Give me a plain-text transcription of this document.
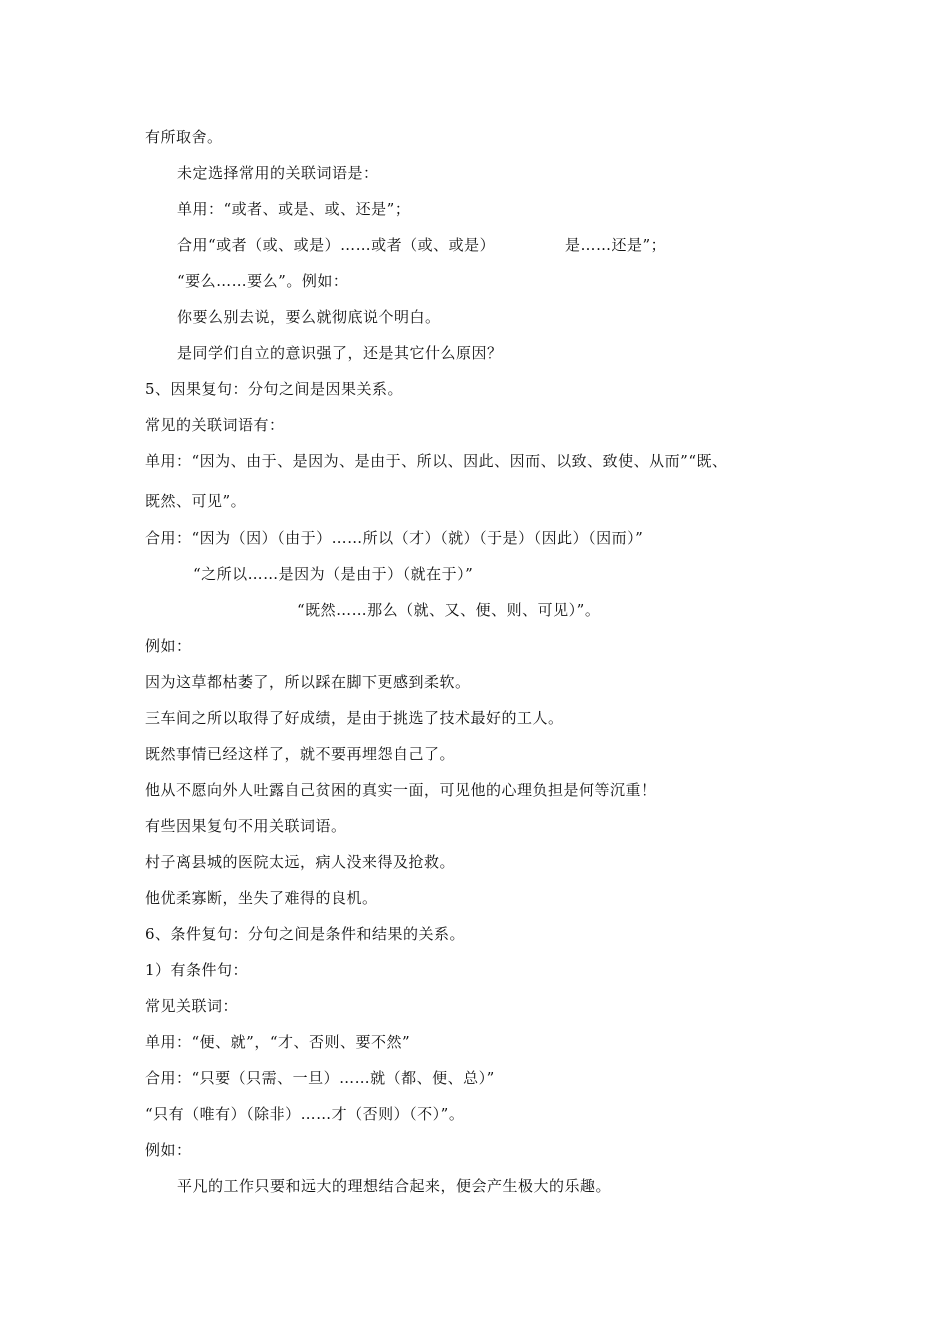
有所取舍。
未定选择常用的关联词语是：
单用：“或者、或是、或、还是”；
合用“或者（或、或是）……或者（或、或是）	是……还是”；
“要么……要么”。例如：
你要么别去说，要么就彻底说个明白。
是同学们自立的意识强了，还是其它什么原因？
5、因果复句：分句之间是因果关系。
常见的关联词语有：
单用：“因为、由于、是因为、是由于、所以、因此、因而、以致、致使、从而”“既、
既然、可见”。
合用：“因为（因）（由于）……所以（才）（就）（于是）（因此）（因而）”
“之所以……是因为（是由于）（就在于）”
“既然……那么（就、又、便、则、可见）”。
例如：
因为这草都枯萎了，所以踩在脚下更感到柔软。
三车间之所以取得了好成绩，是由于挑选了技术最好的工人。
既然事情已经这样了，就不要再埋怨自己了。
他从不愿向外人吐露自己贫困的真实一面，可见他的心理负担是何等沉重！
有些因果复句不用关联词语。
村子离县城的医院太远，病人没来得及抢救。
他优柔寡断，坐失了难得的良机。
6、条件复句：分句之间是条件和结果的关系。
1）有条件句：
常见关联词：
单用：“便、就”，“才、否则、要不然”
合用：“只要（只需、一旦）……就（都、便、总）”
“只有（唯有）（除非）……才（否则）（不）”。
例如：
平凡的工作只要和远大的理想结合起来，便会产生极大的乐趣。
